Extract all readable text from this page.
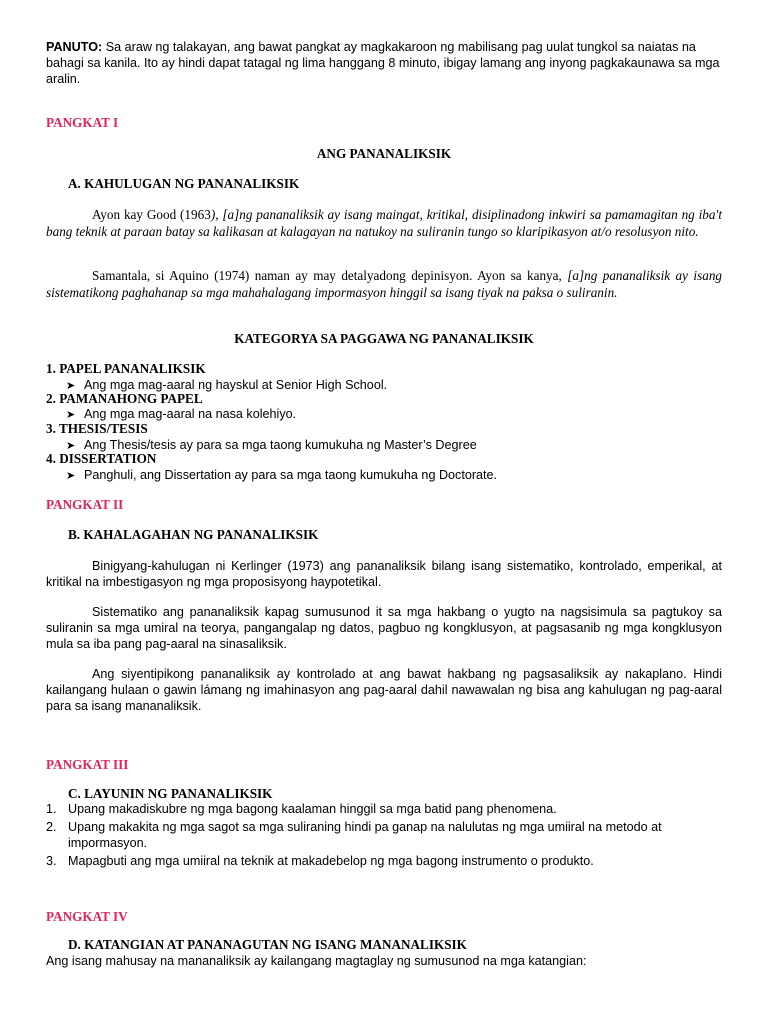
PANUTO: Sa araw ng talakayan, ang bawat pangkat ay magkakaroon ng mabilisang pag uulat tungkol sa naiatas na bahagi sa kanila. Ito ay hindi dapat tatagal ng lima hanggang 8 minuto, ibigay lamang ang inyong pagkakaunawa sa mga aralin.
PANGKAT I
ANG PANANALIKSIK
A. KAHULUGAN NG PANANALIKSIK
Ayon kay Good (1963), [a]ng pananaliksik ay isang maingat, kritikal, disiplinadong inkwiri sa pamamagitan ng iba't bang teknik at paraan batay sa kalikasan at kalagayan na natukoy na suliranin tungo so klaripikasyon at/o resolusyon nito.
Samantala, si Aquino (1974) naman ay may detalyadong depinisyon. Ayon sa kanya, [a]ng pananaliksik ay isang sistematikong paghahanap sa mga mahahalagang impormasyon hinggil sa isang tiyak na paksa o suliranin.
KATEGORYA SA PAGGAWA NG PANANALIKSIK
1. PAPEL PANANALIKSIK
➤ Ang mga mag-aaral ng hayskul at Senior High School.
2. PAMANAHONG PAPEL
➤ Ang mga mag-aaral na nasa kolehiyo.
3. THESIS/TESIS
➤ Ang Thesis/tesis ay para sa mga taong kumukuha ng Master’s Degree
4. DISSERTATION
➤ Panghuli, ang Dissertation ay para sa mga taong kumukuha ng Doctorate.
PANGKAT II
B. KAHALAGAHAN NG PANANALIKSIK
Binigyang-kahulugan ni Kerlinger (1973) ang pananaliksik bilang isang sistematiko, kontrolado, emperikal, at kritikal na imbestigasyon ng mga proposisyong haypotetikal.
Sistematiko ang pananaliksik kapag sumusunod it sa mga hakbang o yugto na nagsisimula sa pagtukoy sa suliranin sa mga umiral na teorya, pangangalap ng datos, pagbuo ng kongklusyon, at pagsasanib ng mga kongklusyon mula sa iba pang pag-aaral na sinasaliksik.
Ang siyentipikong pananaliksik ay kontrolado at ang bawat hakbang ng pagsasaliksik ay nakaplano. Hindi kailangang hulaan o gawin lámang ng imahinasyon ang pag-aaral dahil nawawalan ng bisa ang kahulugan ng pag-aaral para sa isang mananaliksik.
PANGKAT III
C. LAYUNIN NG PANANALIKSIK
1. Upang makadiskubre ng mga bagong kaalaman hinggil sa mga batid pang phenomena.
2. Upang makakita ng mga sagot sa mga suliraning hindi pa ganap na nalulutas ng mga umiiral na metodo at impormasyon.
3.Mapagbuti ang mga umiiral na teknik at makadebelop ng mga bagong instrumento o produkto.
PANGKAT IV
D. KATANGIAN AT PANANAGUTAN NG ISANG MANANALIKSIK
Ang isang mahusay na mananaliksik ay kailangang magtaglay ng sumusunod na mga katangian:
